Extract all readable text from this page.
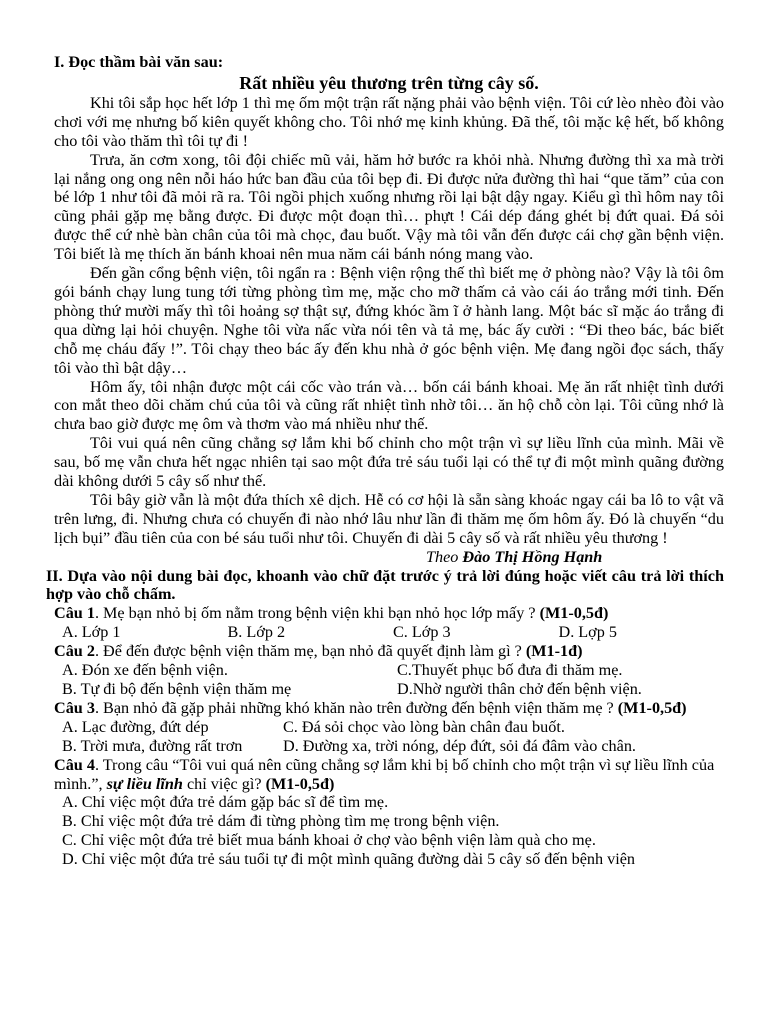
I. Đọc thầm bài văn sau:
Rất nhiều yêu thương trên từng cây số.

Khi tôi sắp học hết lớp 1 thì mẹ ốm một trận rất nặng phải vào bệnh viện. Tôi cứ lèo nhèo đòi vào chơi với mẹ nhưng bố kiên quyết không cho. Tôi nhớ mẹ kinh khủng. Đã thế, tôi mặc kệ hết, bố không cho tôi vào thăm thì tôi tự đi !

Trưa, ăn cơm xong, tôi đội chiếc mũ vải, hăm hở bước ra khỏi nhà. Nhưng đường thì xa mà trời lại nắng ong ong nên nỗi háo hức ban đầu của tôi bẹp đi. Đi được nửa đường thì hai “que tăm” của con bé lớp 1 như tôi đã mỏi rã ra. Tôi ngồi phịch xuống nhưng rồi lại bật dậy ngay. Kiểu gì thì hôm nay tôi cũng phải gặp mẹ bằng được. Đi được một đoạn thì… phựt ! Cái dép đáng ghét bị đứt quai. Đá sỏi được thể cứ nhè bàn chân của tôi mà chọc, đau buốt. Vậy mà tôi vẫn đến được cái chợ gần bệnh viện. Tôi biết là mẹ thích ăn bánh khoai nên mua năm cái bánh nóng mang vào.

Đến gần cổng bệnh viện, tôi ngẩn ra : Bệnh viện rộng thế thì biết mẹ ở phòng nào? Vậy là tôi ôm gói bánh chạy lung tung tới từng phòng tìm mẹ, mặc cho mỡ thấm cả vào cái áo trắng mới tinh. Đến phòng thứ mười mấy thì tôi hoảng sợ thật sự, đứng khóc ầm ĩ ở hành lang. Một bác sĩ mặc áo trắng đi qua dừng lại hỏi chuyện. Nghe tôi vừa nấc vừa nói tên và tả mẹ, bác ấy cười : “Đi theo bác, bác biết chỗ mẹ cháu đấy !”. Tôi chạy theo bác ấy đến khu nhà ở góc bệnh viện. Mẹ đang ngồi đọc sách, thấy tôi vào thì bật dậy…

Hôm ấy, tôi nhận được một cái cốc vào trán và… bốn cái bánh khoai. Mẹ ăn rất nhiệt tình dưới con mắt theo dõi chăm chú của tôi và cũng rất nhiệt tình nhờ tôi… ăn hộ chỗ còn lại. Tôi cũng nhớ là chưa bao giờ được mẹ ôm và thơm vào má nhiều như thế.

Tôi vui quá nên cũng chẳng sợ lắm khi bố chỉnh cho một trận vì sự liều lĩnh của mình. Mãi về sau, bố mẹ vẫn chưa hết ngạc nhiên tại sao một đứa trẻ sáu tuổi lại có thể tự đi một mình quãng đường dài không dưới 5 cây số như thế.

Tôi bây giờ vẫn là một đứa thích xê dịch. Hễ có cơ hội là sẵn sàng khoác ngay cái ba lô to vật vã trên lưng, đi. Nhưng chưa có chuyến đi nào nhớ lâu như lần đi thăm mẹ ốm hôm ấy. Đó là chuyến “du lịch bụi” đầu tiên của con bé sáu tuổi như tôi. Chuyến đi dài 5 cây số và rất nhiều yêu thương !

Theo Đào Thị Hồng Hạnh
II. Dựa vào nội dung bài đọc, khoanh vào chữ đặt trước ý trả lời đúng hoặc viết câu trả lời thích hợp vào chỗ chấm.
Câu 1. Mẹ bạn nhỏ bị ốm nằm trong bệnh viện khi bạn nhỏ học lớp mấy ? (M1-0,5đ)
A. Lớp 1	B. Lớp 2	C. Lớp 3	D. Lợp 5
Câu 2. Để đến được bệnh viện thăm mẹ, bạn nhỏ đã quyết định làm gì ? (M1-1đ)
A. Đón xe đến bệnh viện.	C.Thuyết phục bố đưa đi thăm mẹ.
B. Tự đi bộ đến bệnh viện thăm mẹ	D.Nhờ người thân chở đến bệnh viện.
Câu 3. Bạn nhỏ đã gặp phải những khó khăn nào trên đường đến bệnh viện thăm mẹ ? (M1-0,5đ)
A. Lạc đường, đứt dép	C. Đá sỏi chọc vào lòng bàn chân đau buốt.
B. Trời mưa, đường rất trơn	D. Đường xa, trời nóng, dép đứt, sỏi đá đâm vào chân.
Câu 4. Trong câu “Tôi vui quá nên cũng chẳng sợ lắm khi bị bố chỉnh cho một trận vì sự liều lĩnh của mình.”, sự liều lĩnh chỉ việc gì? (M1-0,5đ)
A. Chỉ việc một đứa trẻ dám gặp bác sĩ để tìm mẹ.
B. Chỉ việc một đứa trẻ dám đi từng phòng tìm mẹ trong bệnh viện.
C. Chỉ việc một đứa trẻ biết mua bánh khoai ở chợ vào bệnh viện làm quà cho mẹ.
D. Chỉ việc một đứa trẻ sáu tuổi tự đi một mình quãng đường dài 5 cây số đến bệnh viện
